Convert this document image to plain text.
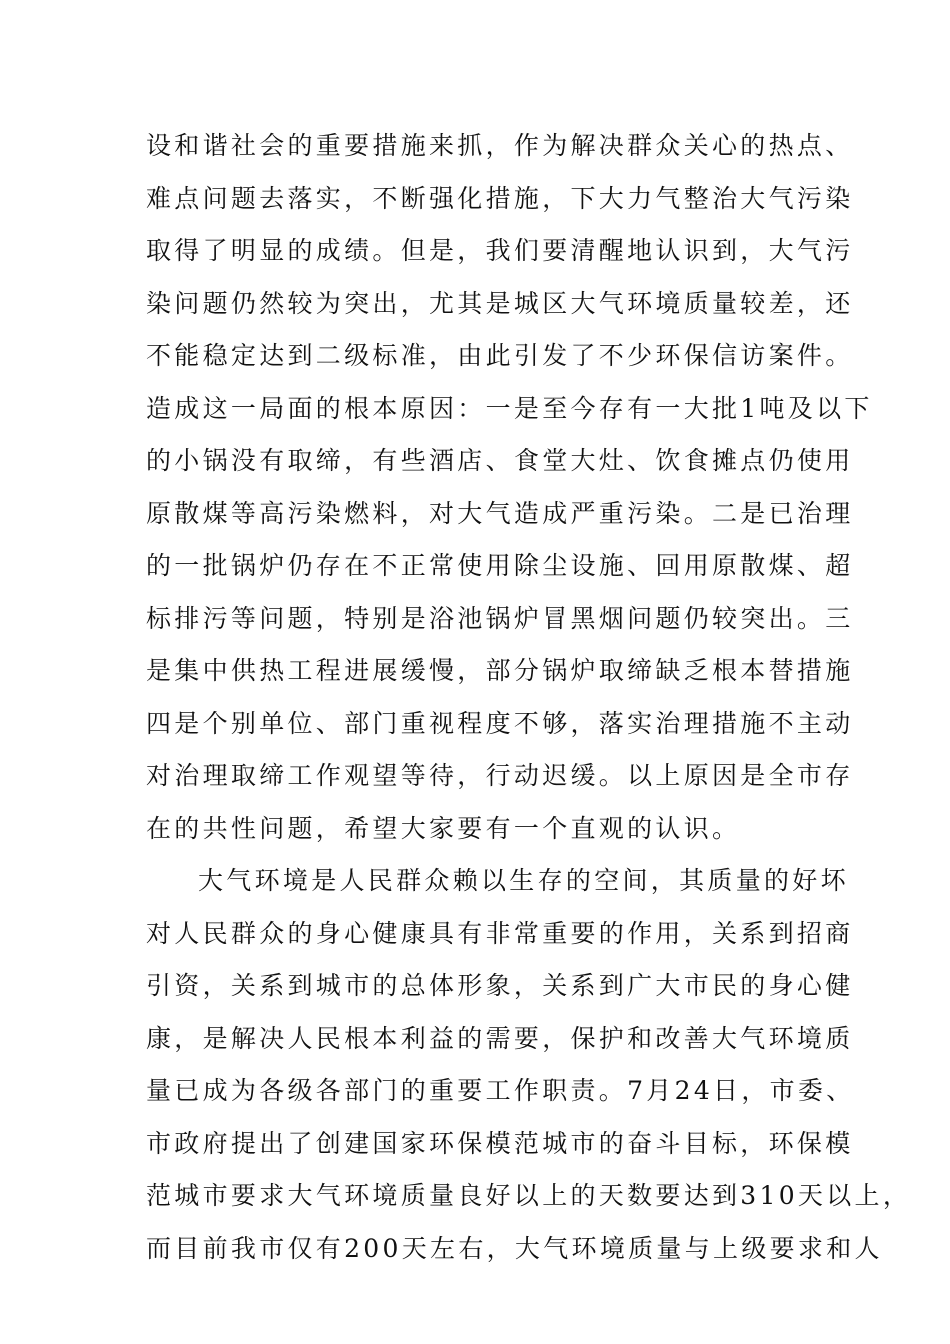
设和谐社会的重要措施来抓，作为解决群众关心的热点、
难点问题去落实，不断强化措施，下大力气整治大气污染
取得了明显的成绩。但是，我们要清醒地认识到，大气污
染问题仍然较为突出，尤其是城区大气环境质量较差，还
不能稳定达到二级标准，由此引发了不少环保信访案件。
造成这一局面的根本原因：一是至今存有一大批1吨及以下
的小锅没有取缔，有些酒店、食堂大灶、饮食摊点仍使用
原散煤等高污染燃料，对大气造成严重污染。二是已治理
的一批锅炉仍存在不正常使用除尘设施、回用原散煤、超
标排污等问题，特别是浴池锅炉冒黑烟问题仍较突出。三
是集中供热工程进展缓慢，部分锅炉取缔缺乏根本替措施
四是个别单位、部门重视程度不够，落实治理措施不主动
对治理取缔工作观望等待，行动迟缓。以上原因是全市存
在的共性问题，希望大家要有一个直观的认识。
大气环境是人民群众赖以生存的空间，其质量的好坏
对人民群众的身心健康具有非常重要的作用，关系到招商
引资，关系到城市的总体形象，关系到广大市民的身心健
康，是解决人民根本利益的需要，保护和改善大气环境质
量已成为各级各部门的重要工作职责。7月24日，市委、
市政府提出了创建国家环保模范城市的奋斗目标，环保模
范城市要求大气环境质量良好以上的天数要达到310天以上，
而目前我市仅有200天左右，大气环境质量与上级要求和人
